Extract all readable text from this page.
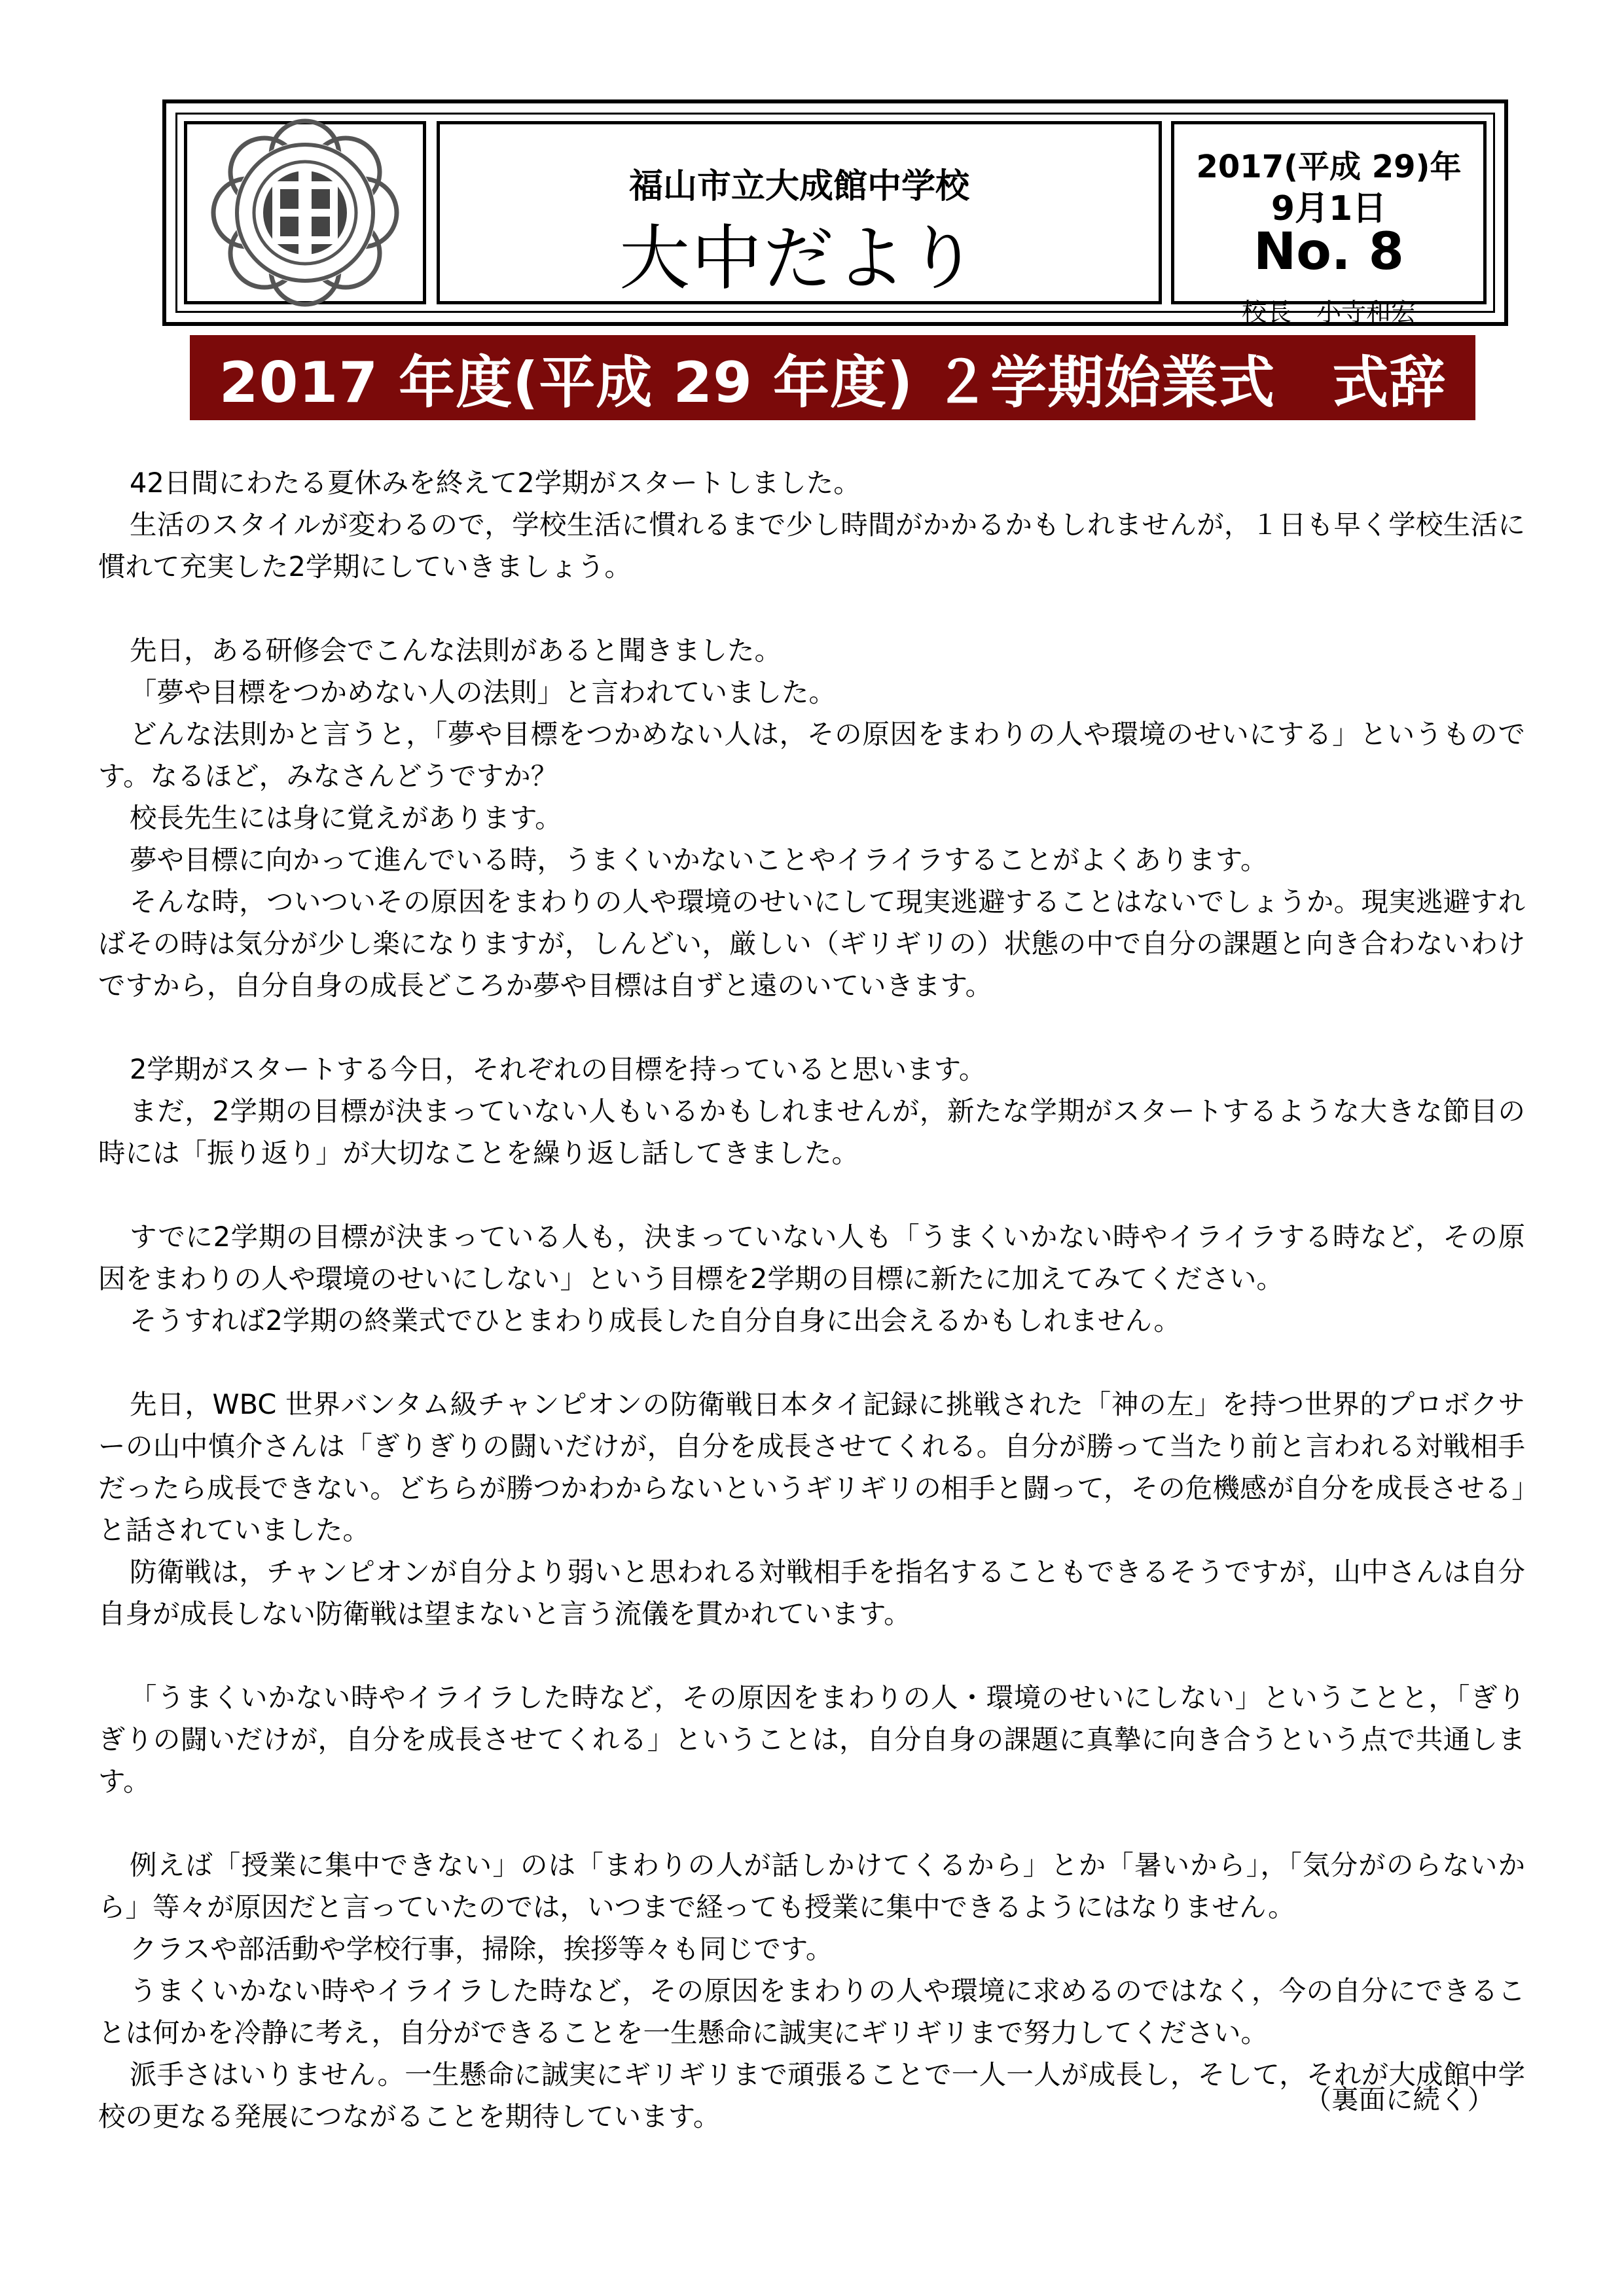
福山市立大成館中学校
大中だより
2017(平成 29)年
9月1日
No. 8
校長　小寺和宏
2017 年度(平成 29 年度) ２学期始業式　式辞

42日間にわたる夏休みを終えて2学期がスタートしました。

生活のスタイルが変わるので，学校生活に慣れるまで少し時間がかかるかもしれませんが，１日も早く学校生活に慣れて充実した2学期にしていきましょう。

先日，ある研修会でこんな法則があると聞きました。

「夢や目標をつかめない人の法則」と言われていました。

どんな法則かと言うと，「夢や目標をつかめない人は，その原因をまわりの人や環境のせいにする」というものです。なるほど，みなさんどうですか？

校長先生には身に覚えがあります。

夢や目標に向かって進んでいる時，うまくいかないことやイライラすることがよくあります。

そんな時，ついついその原因をまわりの人や環境のせいにして現実逃避することはないでしょうか。現実逃避すればその時は気分が少し楽になりますが，しんどい，厳しい（ギリギリの）状態の中で自分の課題と向き合わないわけですから，自分自身の成長どころか夢や目標は自ずと遠のいていきます。

2学期がスタートする今日，それぞれの目標を持っていると思います。

まだ，2学期の目標が決まっていない人もいるかもしれませんが，新たな学期がスタートするような大きな節目の時には「振り返り」が大切なことを繰り返し話してきました。

すでに2学期の目標が決まっている人も，決まっていない人も「うまくいかない時やイライラする時など，その原因をまわりの人や環境のせいにしない」という目標を2学期の目標に新たに加えてみてください。

そうすれば2学期の終業式でひとまわり成長した自分自身に出会えるかもしれません。

先日，WBC 世界バンタム級チャンピオンの防衛戦日本タイ記録に挑戦された「神の左」を持つ世界的プロボクサーの山中慎介さんは「ぎりぎりの闘いだけが，自分を成長させてくれる。自分が勝って当たり前と言われる対戦相手だったら成長できない。どちらが勝つかわからないというギリギリの相手と闘って，その危機感が自分を成長させる」と話されていました。

防衛戦は，チャンピオンが自分より弱いと思われる対戦相手を指名することもできるそうですが，山中さんは自分自身が成長しない防衛戦は望まないと言う流儀を貫かれています。

「うまくいかない時やイライラした時など，その原因をまわりの人・環境のせいにしない」ということと，「ぎりぎりの闘いだけが，自分を成長させてくれる」ということは，自分自身の課題に真摯に向き合うという点で共通します。

例えば「授業に集中できない」のは「まわりの人が話しかけてくるから」とか「暑いから」，「気分がのらないから」等々が原因だと言っていたのでは，いつまで経っても授業に集中できるようにはなりません。

クラスや部活動や学校行事，掃除，挨拶等々も同じです。

うまくいかない時やイライラした時など，その原因をまわりの人や環境に求めるのではなく，今の自分にできることは何かを冷静に考え，自分ができることを一生懸命に誠実にギリギリまで努力してください。

派手さはいりません。一生懸命に誠実にギリギリまで頑張ることで一人一人が成長し，そして，それが大成館中学校の更なる発展につながることを期待しています。

（裏面に続く）
